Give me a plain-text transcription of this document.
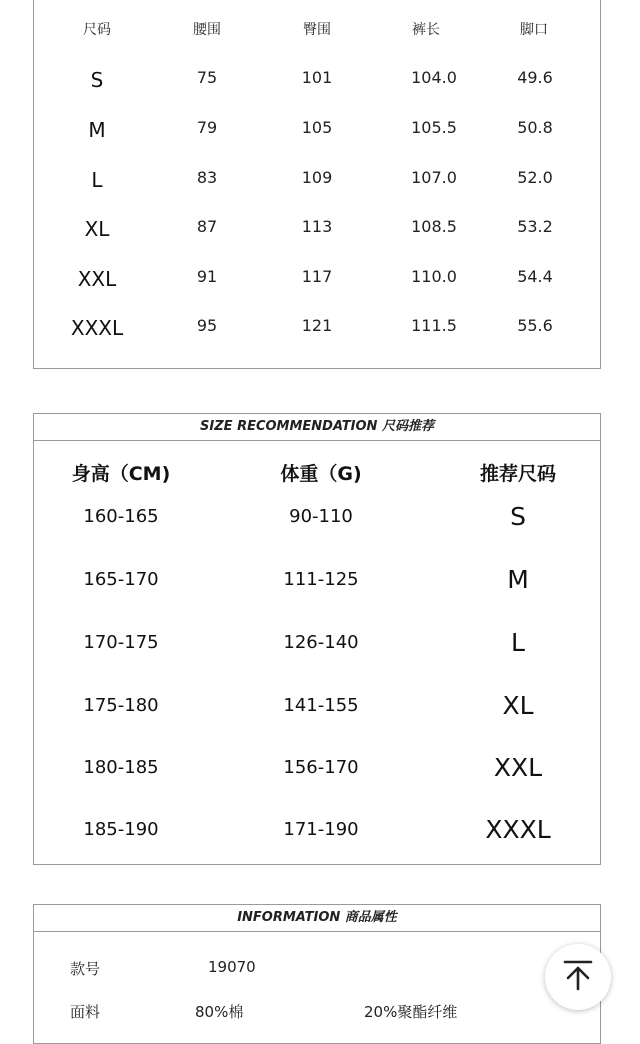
尺码	腰围	臀围	裤长	脚口
S	75	101	104.0	49.6
M	79	105	105.5	50.8
L	83	109	107.0	52.0
XL	87	113	108.5	53.2
XXL	91	117	110.0	54.4
XXXL	95	121	111.5	55.6
SIZE RECOMMENDATION 尺码推荐
身高（CM)	体重（G)	推荐尺码
160-165	90-110	S
165-170	111-125	M
170-175	126-140	L
175-180	141-155	XL
180-185	156-170	XXL
185-190	171-190	XXXL
INFORMATION 商品属性
款号	19070
面料	80%棉	20%聚酯纤维
